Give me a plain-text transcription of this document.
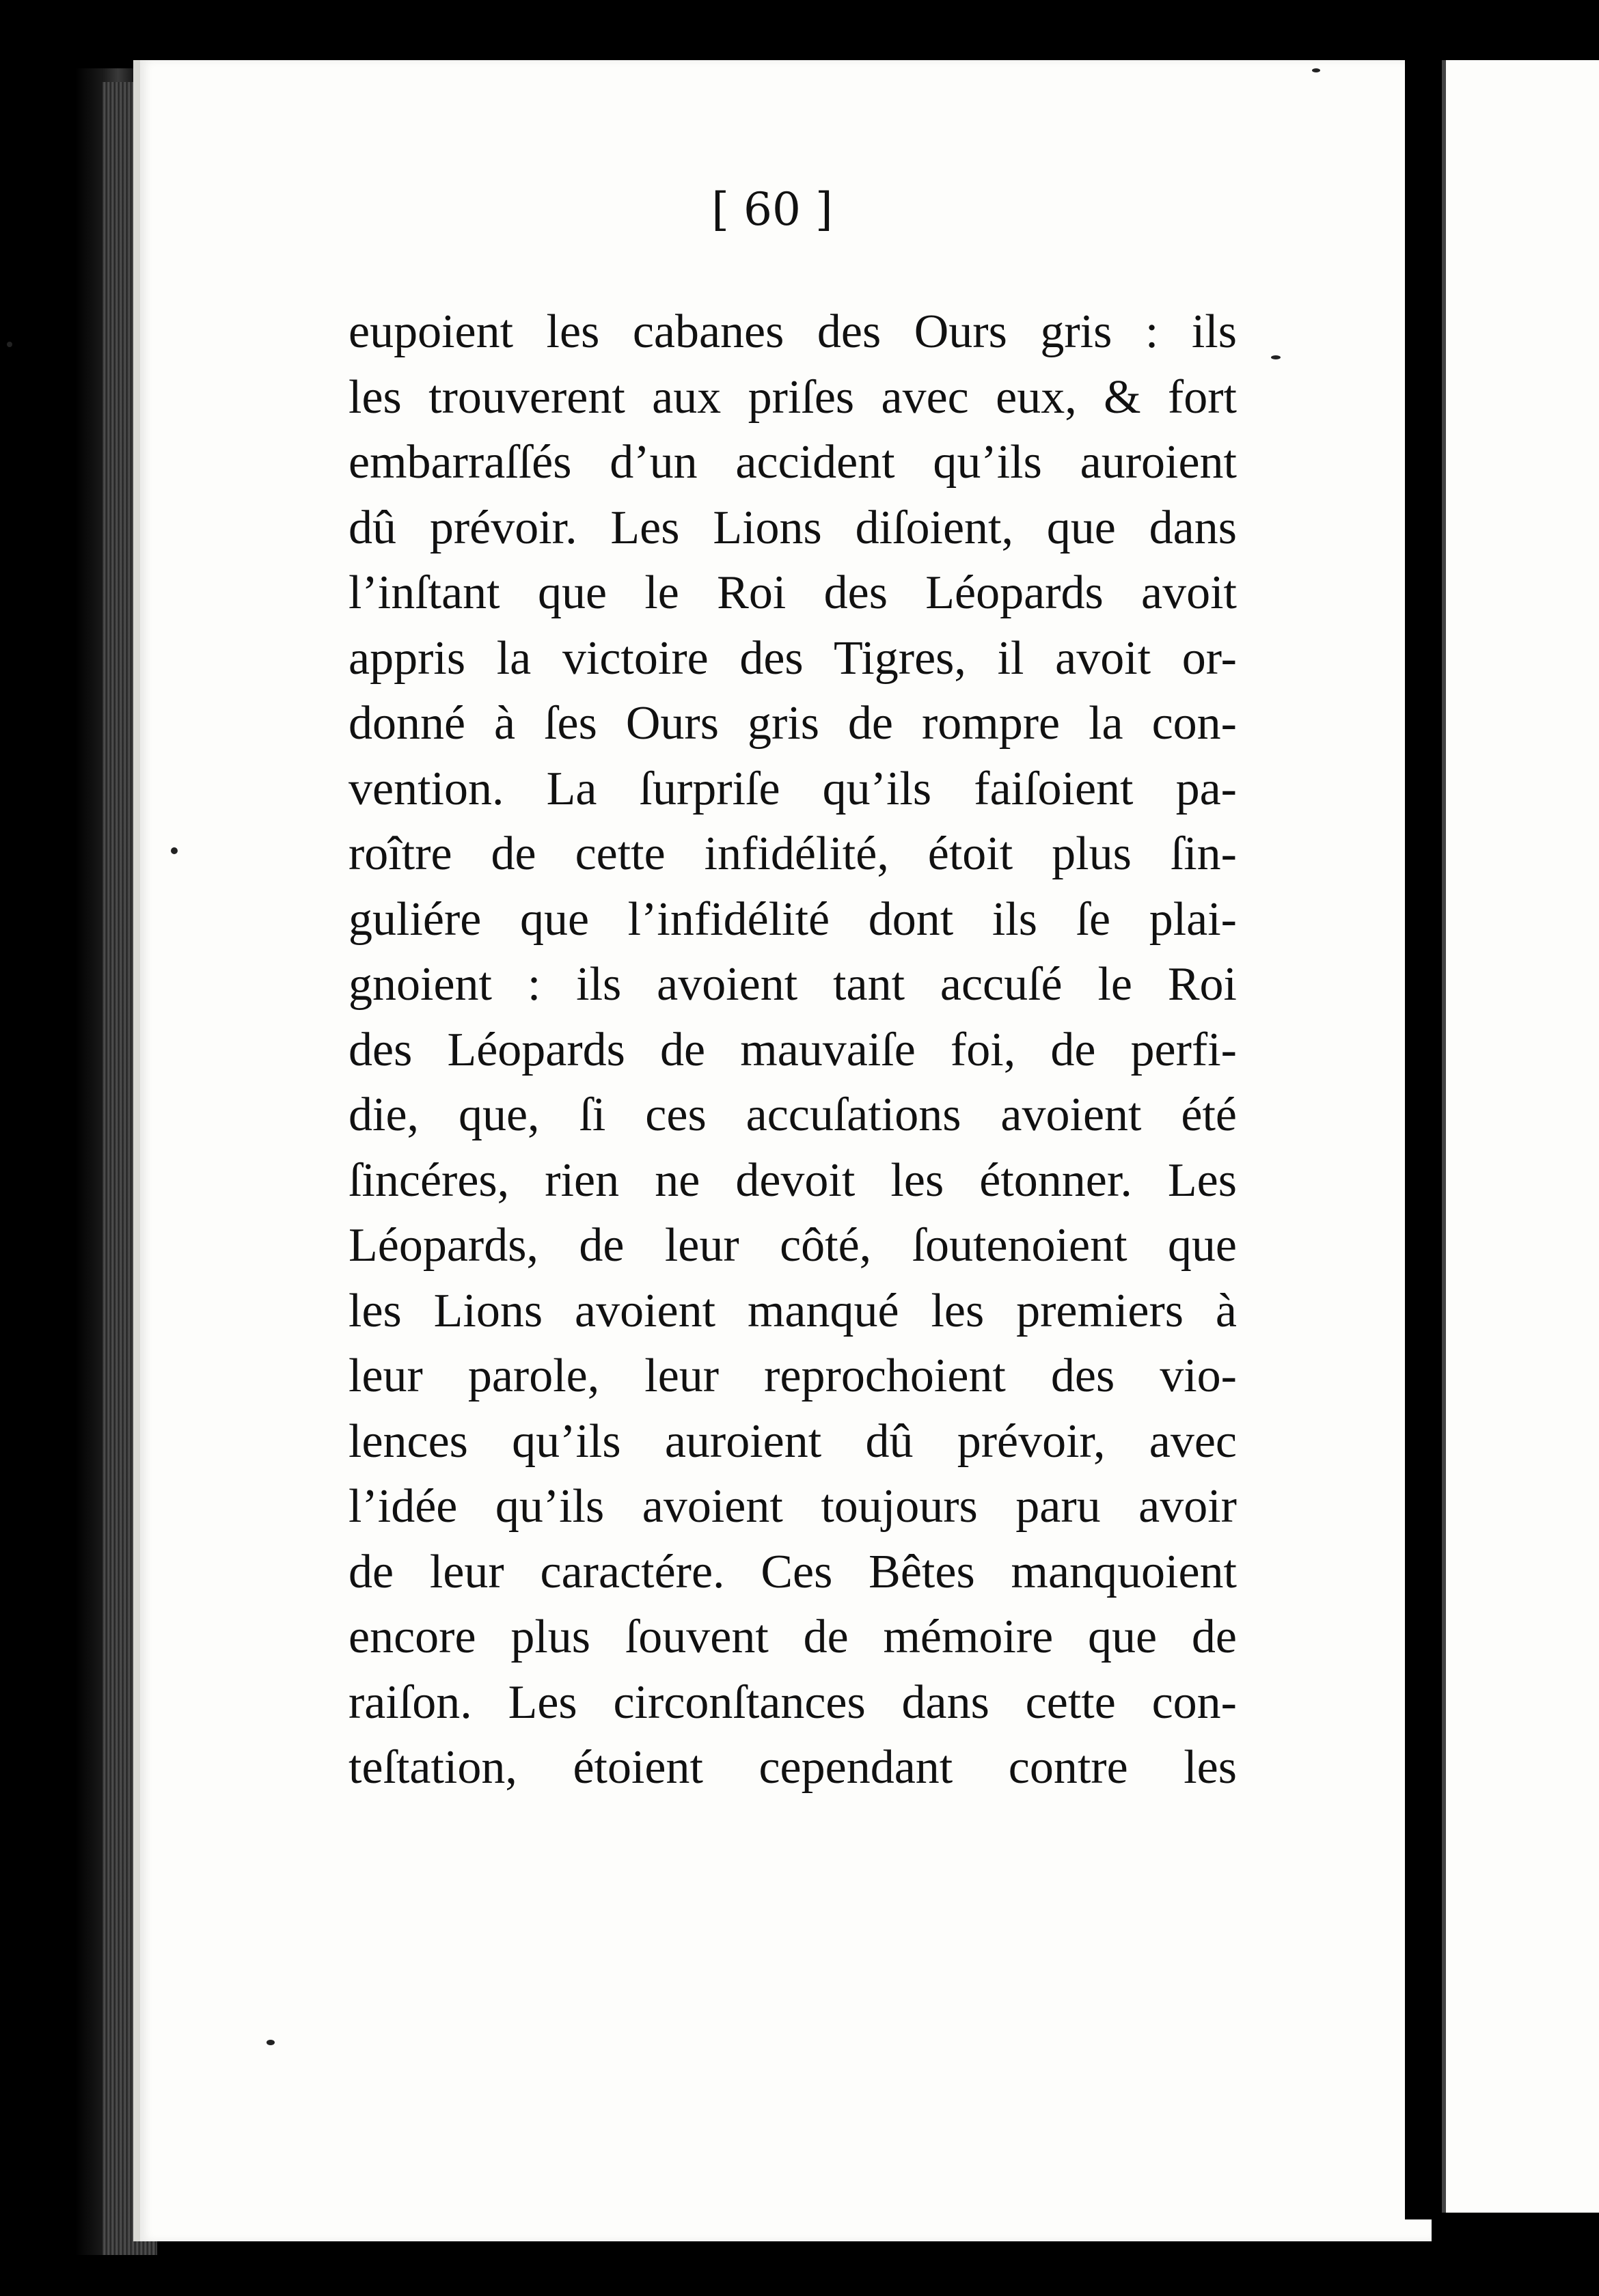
[ 60 ]

eupoient les cabanes des Ours gris : ils
les trouverent aux priſes avec eux, & fort
embarraſſés d’un accident qu’ils auroient
dû prévoir. Les Lions diſoient, que dans
l’inſtant que le Roi des Léopards avoit
appris la victoire des Tigres, il avoit or-
donné à ſes Ours gris de rompre la con-
vention. La ſurpriſe qu’ils faiſoient pa-
roître de cette infidélité, étoit plus ſin-
guliére que l’infidélité dont ils ſe plai-
gnoient : ils avoient tant accuſé le Roi
des Léopards de mauvaiſe foi, de perfi-
die, que, ſi ces accuſations avoient été
ſincéres, rien ne devoit les étonner. Les
Léopards, de leur côté, ſoutenoient que
les Lions avoient manqué les premiers à
leur parole, leur reprochoient des vio-
lences qu’ils auroient dû prévoir, avec
l’idée qu’ils avoient toujours paru avoir
de leur caractére. Ces Bêtes manquoient
encore plus ſouvent de mémoire que de
raiſon. Les circonſtances dans cette con-
teſtation, étoient cependant contre les
